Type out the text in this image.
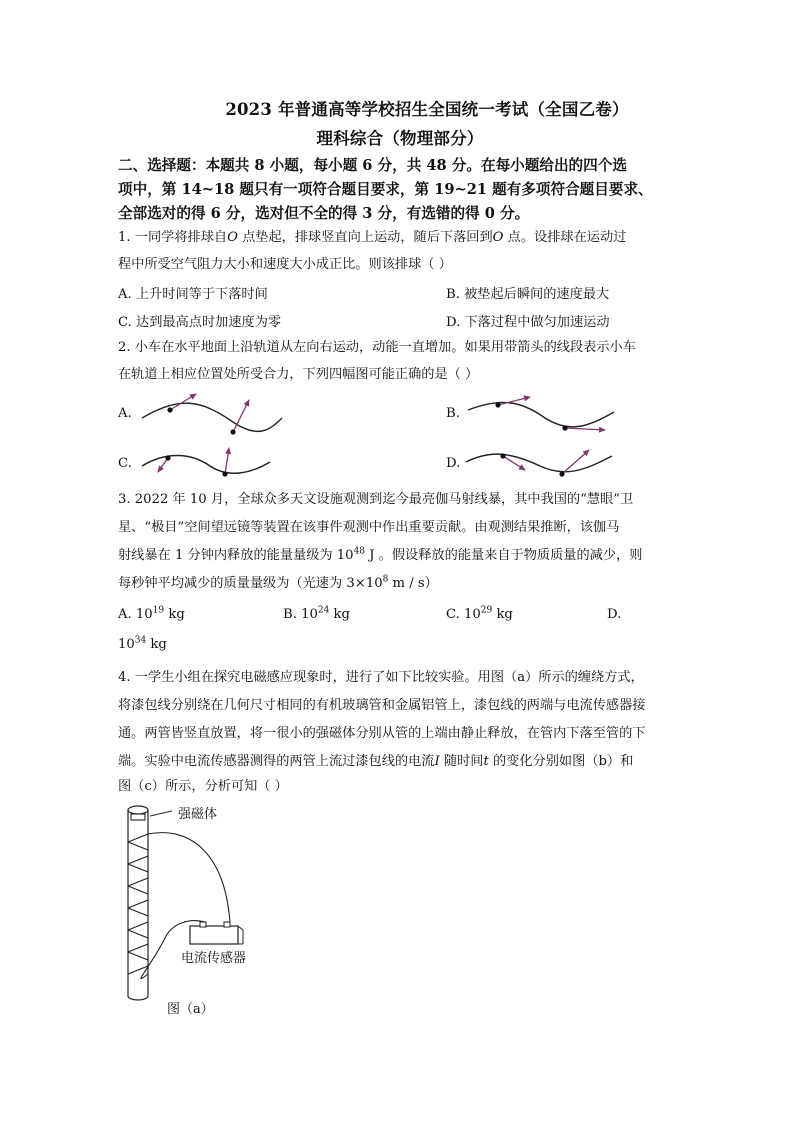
2023 年普通高等学校招生全国统一考试（全国乙卷）
理科综合（物理部分）
二、选择题：本题共 8 小题，每小题 6 分，共 48 分。在每小题给出的四个选
项中，第 14~18 题只有一项符合题目要求，第 19~21 题有多项符合题目要求、
全部选对的得 6 分，选对但不全的得 3 分，有选错的得 0 分。
1. 一同学将排球自O 点垫起，排球竖直向上运动，随后下落回到O 点。设排球在运动过
程中所受空气阻力大小和速度大小成正比。则该排球（ ）
A. 上升时间等于下落时间	B. 被垫起后瞬间的速度最大
C. 达到最高点时加速度为零	D. 下落过程中做匀加速运动
2. 小车在水平地面上沿轨道从左向右运动，动能一直增加。如果用带箭头的线段表示小车
在轨道上相应位置处所受合力，下列四幅图可能正确的是（ ）
A.	B.
C.	D.
3. 2022 年 10 月，全球众多天文设施观测到迄今最亮伽马射线暴，其中我国的“慧眼”卫
星、“极目”空间望远镜等装置在该事件观测中作出重要贡献。由观测结果推断，该伽马
射线暴在 1 分钟内释放的能量量级为 $10^{48}$ J 。假设释放的能量来自于物质质量的减少，则
每秒钟平均减少的质量量级为（光速为 $3\times 10^8$ m / s）
A. $10^{19}$ kg	B. $10^{24}$ kg	C. $10^{29}$ kg	D.
$10^{34}$ kg
4. 一学生小组在探究电磁感应现象时，进行了如下比较实验。用图（a）所示的缠绕方式，
将漆包线分别绕在几何尺寸相同的有机玻璃管和金属铝管上，漆包线的两端与电流传感器接
通。两管皆竖直放置，将一很小的强磁体分别从管的上端由静止释放，在管内下落至管的下
端。实验中电流传感器测得的两管上流过漆包线的电流I 随时间t 的变化分别如图（b）和
图（c）所示，分析可知（ ）
强磁体
电流传感器
图（a）
